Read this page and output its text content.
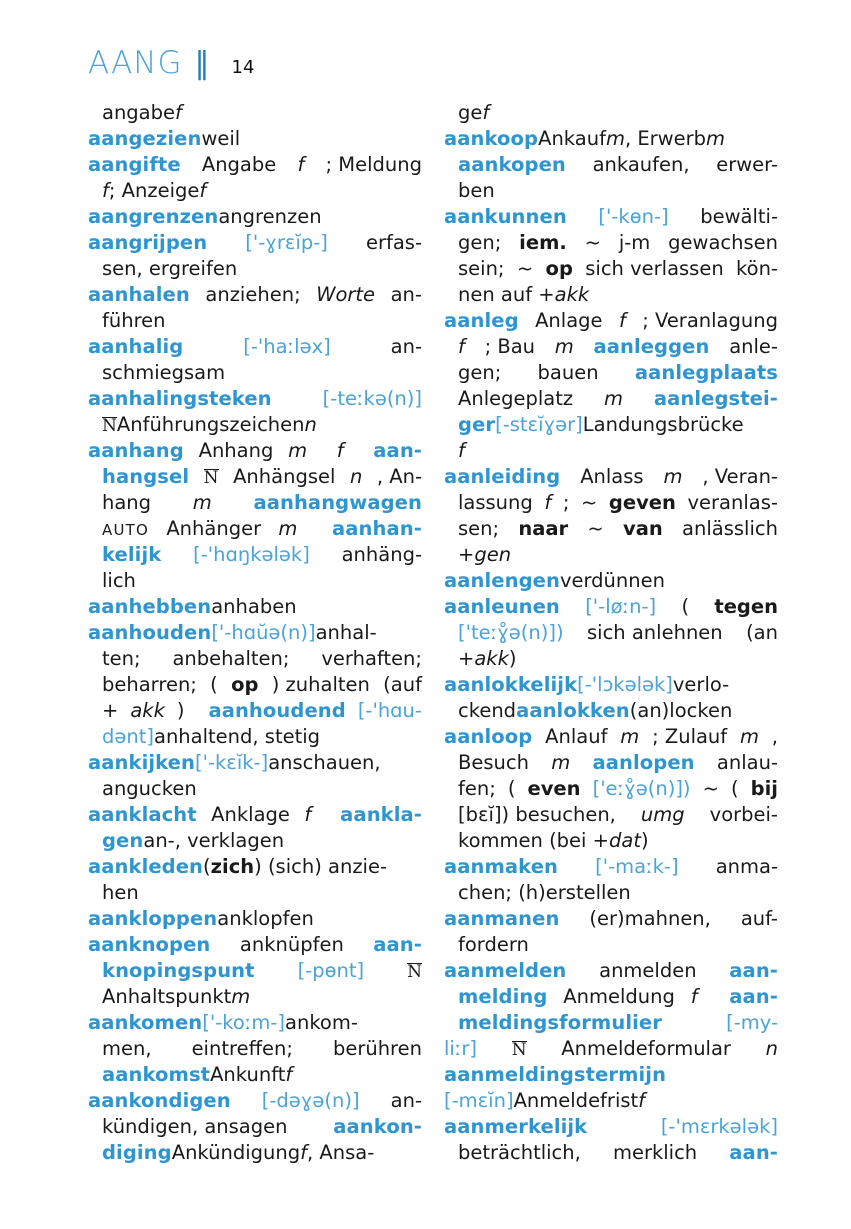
AANG ‖ 14
angabe f
aangezien weil
aangifte Angabe f ; Meldung
f ; Anzeige f
aangrenzen angrenzen
aangrijpen ['-ɣrɛĭp-] erfas-
sen, ergreifen
aanhalen anziehen; Worte an-
führen
aanhalig	[-'haːləx]	an-
schmiegsam
aanhalingsteken	[-teːkə(n)]
N Anführungszeichen n
aanhang Anhang m f aan-
hangsel N Anhängsel n , An-
hang m aanhangwagen
AUTO Anhänger m aanhan-
kelijk [-'hɑŋkələk] anhäng-
lich
aanhebben anhaben
aanhouden ['-hɑŭə(n)] anhal-
ten; anbehalten; verhaften;
beharren; ( op ) zuhalten (auf
+ akk ) aanhoudend [-'hɑu-
dənt] anhaltend, stetig
aankijken ['-kɛĭk-] anschauen,
angucken
aanklacht Anklage f aankla-
gen an-, verklagen
aankleden ( zich ) (sich) anzie-
hen
aankloppen anklopfen
aanknopen anknüpfen aan-
knopingspunt [-pɵnt]	N
Anhaltspunkt m
aankomen ['-koːm-] ankom-
men, eintreffen; berühren
aankomst Ankunft f
aankondigen [-dəɣə(n)] an-
kündigen, ansagen aankon-
diging Ankündigung f , Ansa-
ge f
aankoop Ankauf m , Erwerb m
aankopen ankaufen, erwer-
ben
aankunnen ['-kɵn-] bewälti-
gen; iem. ~ j-m gewachsen
sein; ~ op sich verlassen kön-
nen auf + akk
aanleg Anlage f ; Veranlagung
f ; Bau m aanleggen anle-
gen; bauen aanlegplaats
Anlegeplatz m aanlegstei-
ger [-stɛĭɣər] Landungsbrücke
f
aanleiding Anlass m , Veran-
lassung f ; ~ geven veranlas-
sen; naar ~ van anlässlich
+ gen
aanlengen verdünnen
aanleunen ['-løːn-] ( tegen
['teːɣ̊ə(n)]) sich anlehnen (an
+ akk )
aanlokkelijk [-'lɔkələk] verlo-
ckend aanlokken (an)locken
aanloop Anlauf m ; Zulauf m ,
Besuch m aanlopen anlau-
fen; ( even ['eːɣ̊ə(n)]) ~ ( bij
[bɛĭ]) besuchen, umg vorbei-
kommen (bei + dat )
aanmaken ['-maːk-] anma-
chen; (h)erstellen
aanmanen (er)mahnen, auf-
fordern
aanmelden anmelden aan-
melding Anmeldung f aan-
meldingsformulier	[-my-
liːr] N Anmeldeformular n
aanmeldingstermijn
[-mɛĭn] Anmeldefrist f
aanmerkelijk	[-'mɛrkələk]
beträchtlich, merklich aan-
